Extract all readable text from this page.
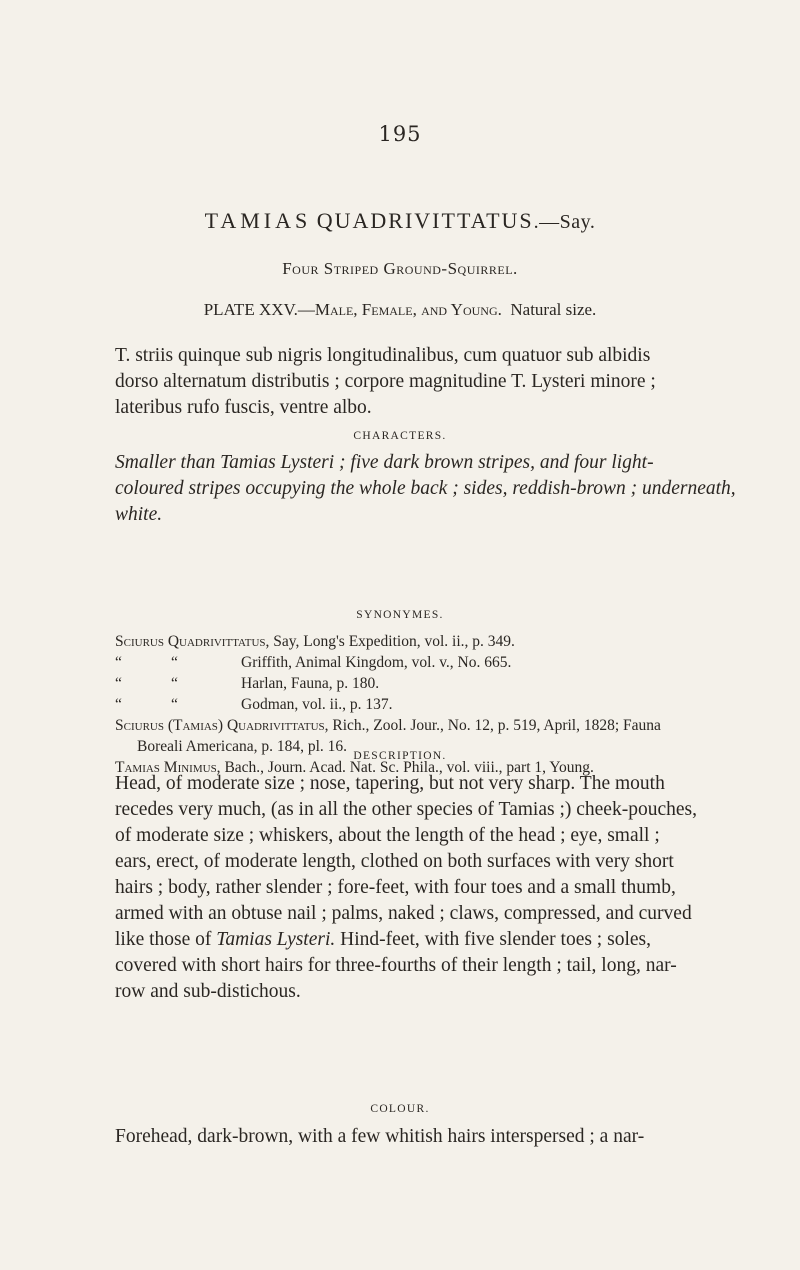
195
TAMIAS QUADRIVITTATUS.—Say.
Four Striped Ground-Squirrel.
PLATE XXV.—Male, Female, and Young. Natural size.
T. striis quinque sub nigris longitudinalibus, cum quatuor sub albidis
dorso alternatum distributis ; corpore magnitudine T. Lysteri minore ;
lateribus rufo fuscis, ventre albo.
CHARACTERS.
Smaller than Tamias Lysteri ; five dark brown stripes, and four light-
coloured stripes occupying the whole back ; sides, reddish-brown ; underneath,
white.
SYNONYMES.
Sciurus Quadrivittatus, Say, Long's Expedition, vol. ii., p. 349.
“	“	Griffith, Animal Kingdom, vol. v., No. 665.
“	“	Harlan, Fauna, p. 180.
“	“	Godman, vol. ii., p. 137.
Sciurus (Tamias) Quadrivittatus, Rich., Zool. Jour., No. 12, p. 519, April, 1828; Fauna
Boreali Americana, p. 184, pl. 16.
Tamias Minimus, Bach., Journ. Acad. Nat. Sc. Phila., vol. viii., part 1, Young.
DESCRIPTION.
Head, of moderate size ; nose, tapering, but not very sharp. The mouth
recedes very much, (as in all the other species of Tamias ;) cheek-pouches,
of moderate size ; whiskers, about the length of the head ; eye, small ;
ears, erect, of moderate length, clothed on both surfaces with very short
hairs ; body, rather slender ; fore-feet, with four toes and a small thumb,
armed with an obtuse nail ; palms, naked ; claws, compressed, and curved
like those of Tamias Lysteri. Hind-feet, with five slender toes ; soles,
covered with short hairs for three-fourths of their length ; tail, long, nar-
row and sub-distichous.
COLOUR.
Forehead, dark-brown, with a few whitish hairs interspersed ; a nar-
